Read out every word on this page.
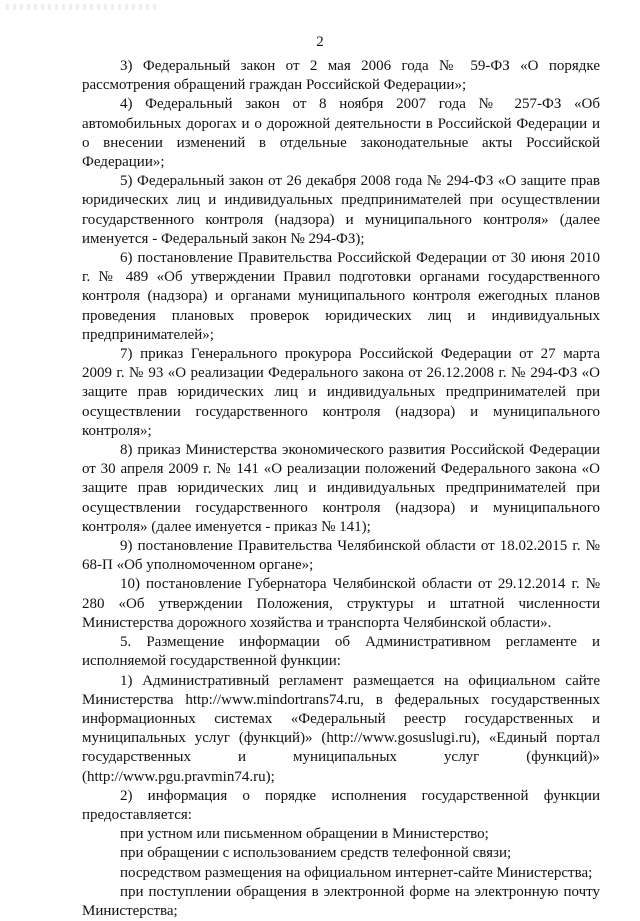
2

3) Федеральный закон от 2 мая 2006 года № 59-ФЗ «О порядке рассмотрения обращений граждан Российской Федерации»;

4) Федеральный закон от 8 ноября 2007 года № 257-ФЗ «Об автомобильных дорогах и о дорожной деятельности в Российской Федерации и о внесении изменений в отдельные законодательные акты Российской Федерации»;

5) Федеральный закон от 26 декабря 2008 года № 294-ФЗ «О защите прав юридических лиц и индивидуальных предпринимателей при осуществлении государственного контроля (надзора) и муниципального контроля» (далее именуется - Федеральный закон № 294-ФЗ);

6) постановление Правительства Российской Федерации от 30 июня 2010 г. № 489 «Об утверждении Правил подготовки органами государственного контроля (надзора) и органами муниципального контроля ежегодных планов проведения плановых проверок юридических лиц и индивидуальных предпринимателей»;

7) приказ Генерального прокурора Российской Федерации от 27 марта 2009 г. № 93 «О реализации Федерального закона от 26.12.2008 г. № 294-ФЗ «О защите прав юридических лиц и индивидуальных предпринимателей при осуществлении государственного контроля (надзора) и муниципального контроля»;

8) приказ Министерства экономического развития Российской Федерации от 30 апреля 2009 г. № 141 «О реализации положений Федерального закона «О защите прав юридических лиц и индивидуальных предпринимателей при осуществлении государственного контроля (надзора) и муниципального контроля» (далее именуется - приказ № 141);

9) постановление Правительства Челябинской области от 18.02.2015 г. № 68-П «Об уполномоченном органе»;

10) постановление Губернатора Челябинской области от 29.12.2014 г. № 280 «Об утверждении Положения, структуры и штатной численности Министерства дорожного хозяйства и транспорта Челябинской области».

5. Размещение информации об Административном регламенте и исполняемой государственной функции:

1) Административный регламент размещается на официальном сайте Министерства http://www.mindortrans74.ru, в федеральных государственных информационных системах «Федеральный реестр государственных и муниципальных услуг (функций)» (http://www.gosuslugi.ru), «Единый портал государственных и муниципальных услуг (функций)» (http://www.pgu.pravmin74.ru);

2) информация о порядке исполнения государственной функции предоставляется:

при устном или письменном обращении в Министерство;

при обращении с использованием средств телефонной связи;

посредством размещения на официальном интернет-сайте Министерства;

при поступлении обращения в электронной форме на электронную почту Министерства;
